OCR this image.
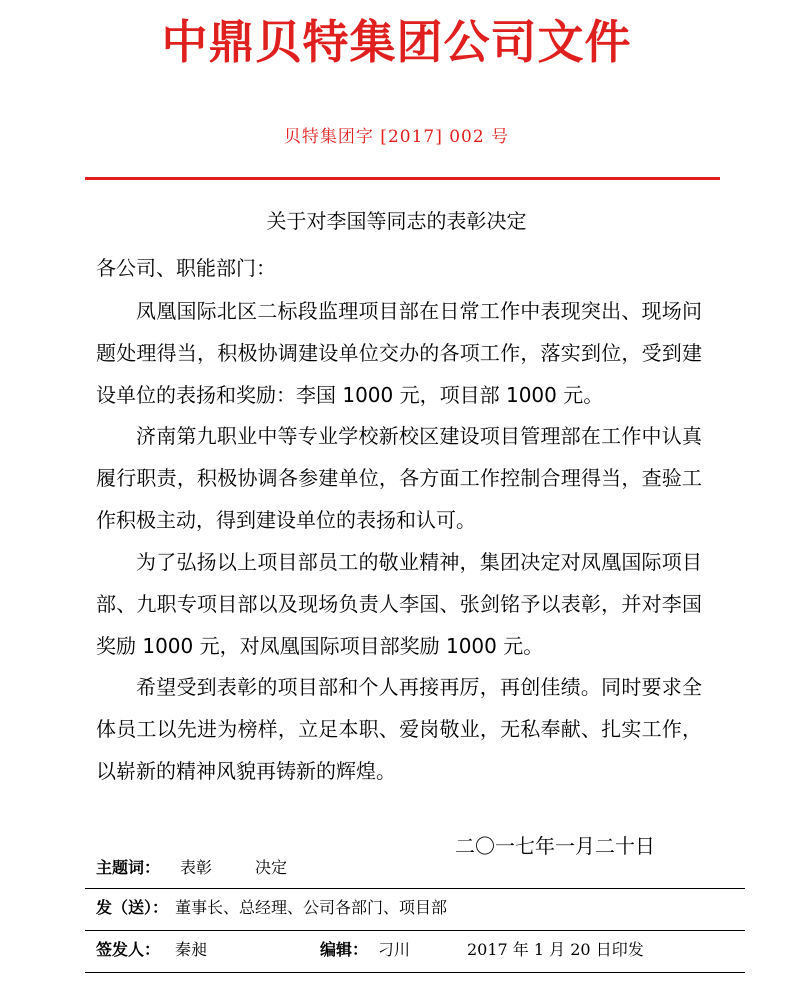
中鼎贝特集团公司文件
贝特集团字 [2017] 002 号
关于对李国等同志的表彰决定
各公司、职能部门：

凤凰国际北区二标段监理项目部在日常工作中表现突出、现场问题处理得当，积极协调建设单位交办的各项工作，落实到位，受到建设单位的表扬和奖励：李国 1000 元，项目部 1000 元。

济南第九职业中等专业学校新校区建设项目管理部在工作中认真履行职责，积极协调各参建单位，各方面工作控制合理得当，查验工作积极主动，得到建设单位的表扬和认可。

为了弘扬以上项目部员工的敬业精神，集团决定对凤凰国际项目部、九职专项目部以及现场负责人李国、张剑铭予以表彰，并对李国奖励 1000 元，对凤凰国际项目部奖励 1000 元。

希望受到表彰的项目部和个人再接再厉，再创佳绩。同时要求全体员工以先进为榜样，立足本职、爱岗敬业，无私奉献、扎实工作，以崭新的精神风貌再铸新的辉煌。

二〇一七年一月二十日
主题词： 表彰	决定
发（送）： 董事长、总经理、公司各部门、项目部
签发人： 秦昶	编辑： 刁川	2017 年 1 月 20 日印发
